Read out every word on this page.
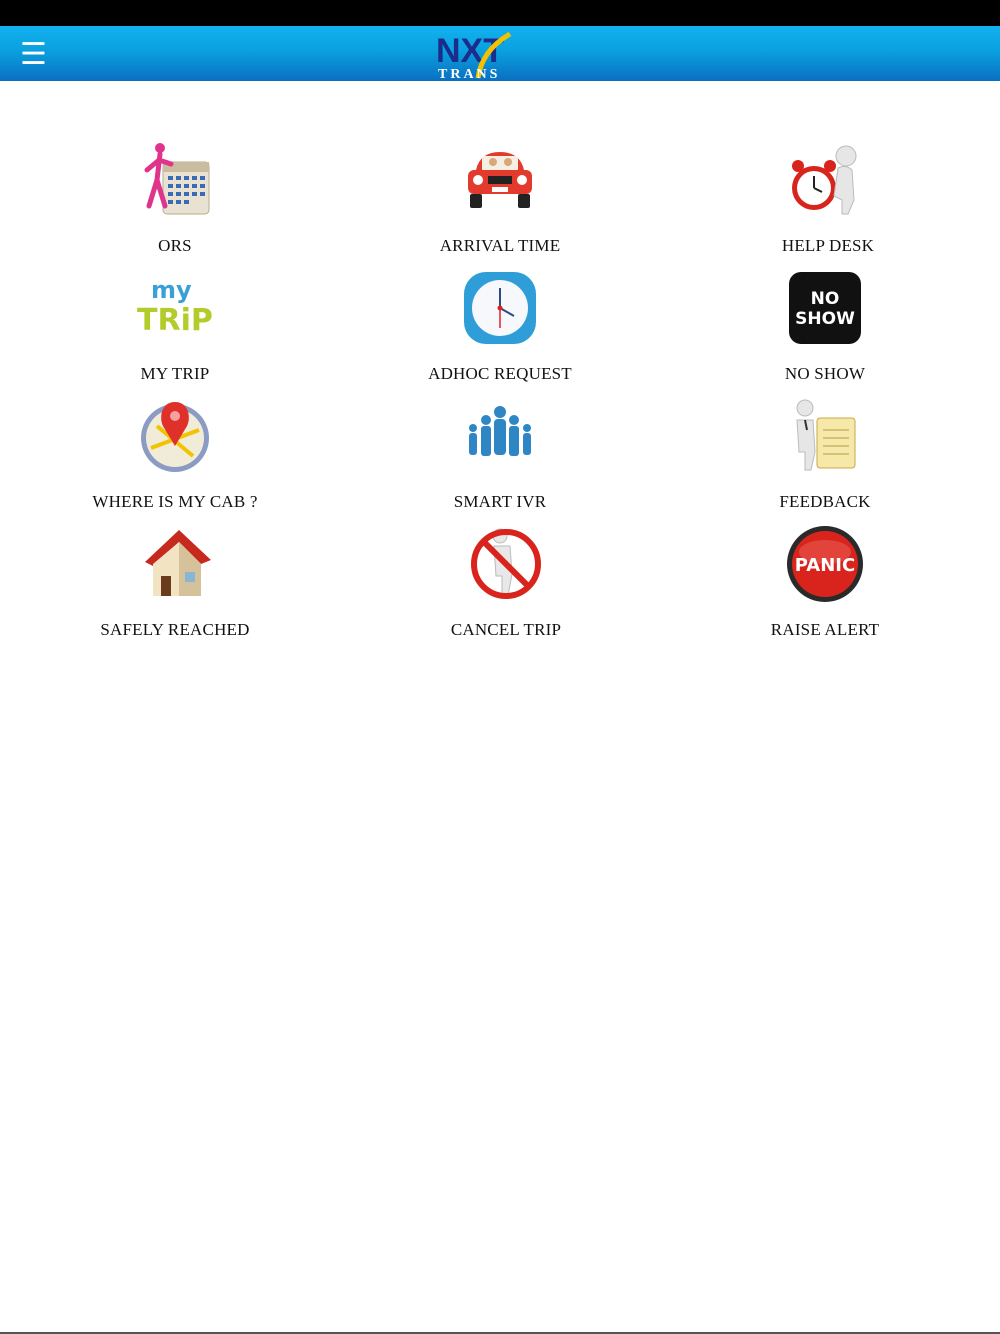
☰	NXT
TRANS
ORS	ARRIVAL TIME	HELP DESK
my
TRiP
MY TRIP	ADHOC REQUEST
NO
SHOW
NO SHOW
WHERE IS MY CAB ?	SMART IVR	FEEDBACK
SAFELY REACHED	CANCEL TRIP
PANIC
RAISE ALERT
